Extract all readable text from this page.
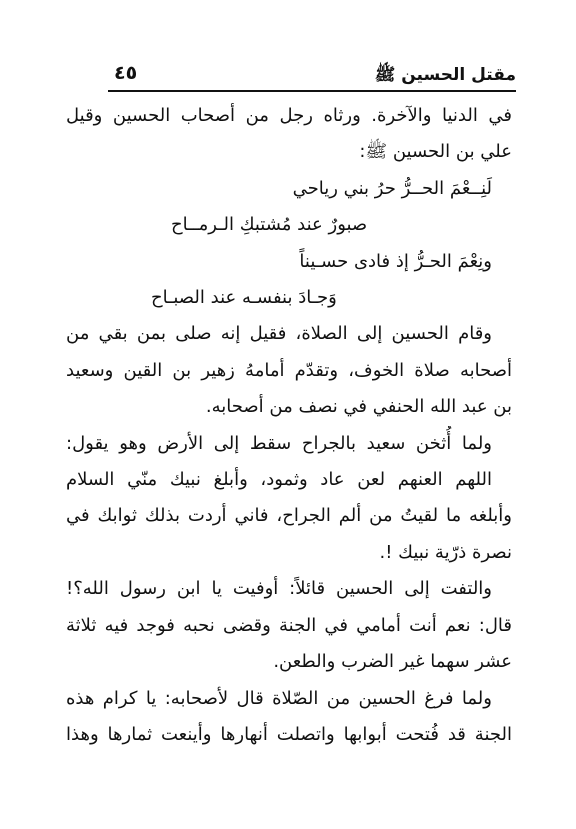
مقتل الحسين ﷺ
٤٥
في الدنيا والآخرة. ورثاه رجل من أصحاب الحسين وقيل
علي بن الحسين ﷺ:
لَنِــعْمَ الحــرُّ حرُ بني رياحي
صبورٌ عند مُشتبكِ الـرمــاح
ونِعْمَ الحـرُّ إذ فادى حسـيناً
وَجـادَ بنفسـه عند الصبـاح
وقام الحسين إلى الصلاة، فقيل إنه صلى بمن بقي من
أصحابه صلاة الخوف، وتقدّم أمامهُ زهير بن القين وسعيد
بن عبد الله الحنفي في نصف من أصحابه.
ولما أُثخن سعيد بالجراح سقط إلى الأرض وهو يقول:
اللهم العنهم لعن عاد وثمود، وأبلغ نبيك منّي السلام
وأبلغه ما لقيتُ من ألم الجراح، فاني أردت بذلك ثوابك في
نصرة ذرّية نبيك !.
والتفت إلى الحسين قائلاً: أوفيت يا ابن رسول الله؟!
قال: نعم أنت أمامي في الجنة وقضى نحبه فوجد فيه ثلاثة
عشر سهما غير الضرب والطعن.
ولما فرغ الحسين من الصّلاة قال لأصحابه: يا كرام هذه
الجنة قد فُتحت أبوابها واتصلت أنهارها وأينعت ثمارها وهذا
